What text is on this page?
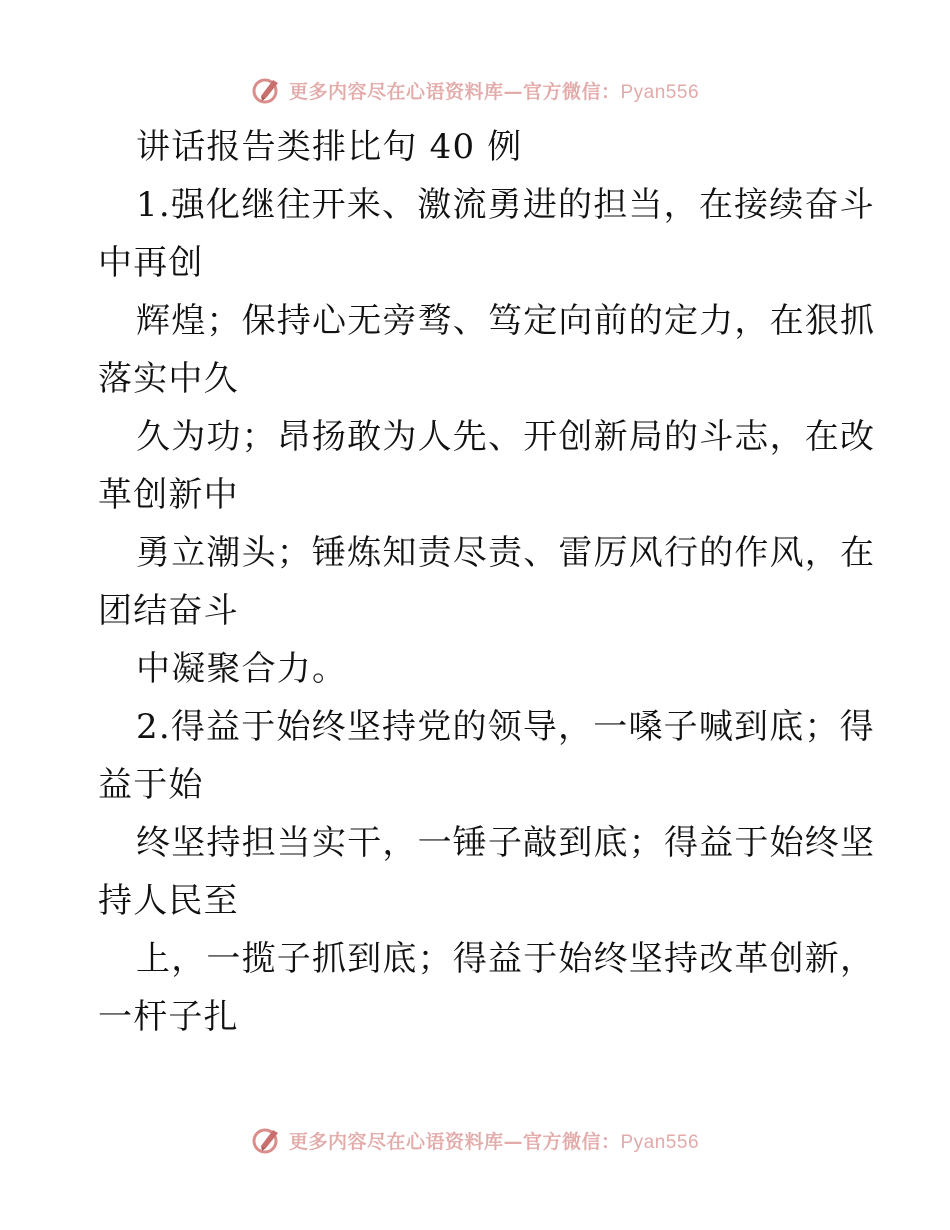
更多内容尽在心语资料库—官方微信：Pyan556
讲话报告类排比句 40 例
1.强化继往开来、激流勇进的担当，在接续奋斗
中再创
辉煌；保持心无旁骛、笃定向前的定力，在狠抓
落实中久
久为功；昂扬敢为人先、开创新局的斗志，在改
革创新中
勇立潮头；锤炼知责尽责、雷厉风行的作风，在
团结奋斗
中凝聚合力。
2.得益于始终坚持党的领导，一嗓子喊到底；得
益于始
终坚持担当实干，一锤子敲到底；得益于始终坚
持人民至
上，一揽子抓到底；得益于始终坚持改革创新，
一杆子扎
更多内容尽在心语资料库—官方微信：Pyan556
